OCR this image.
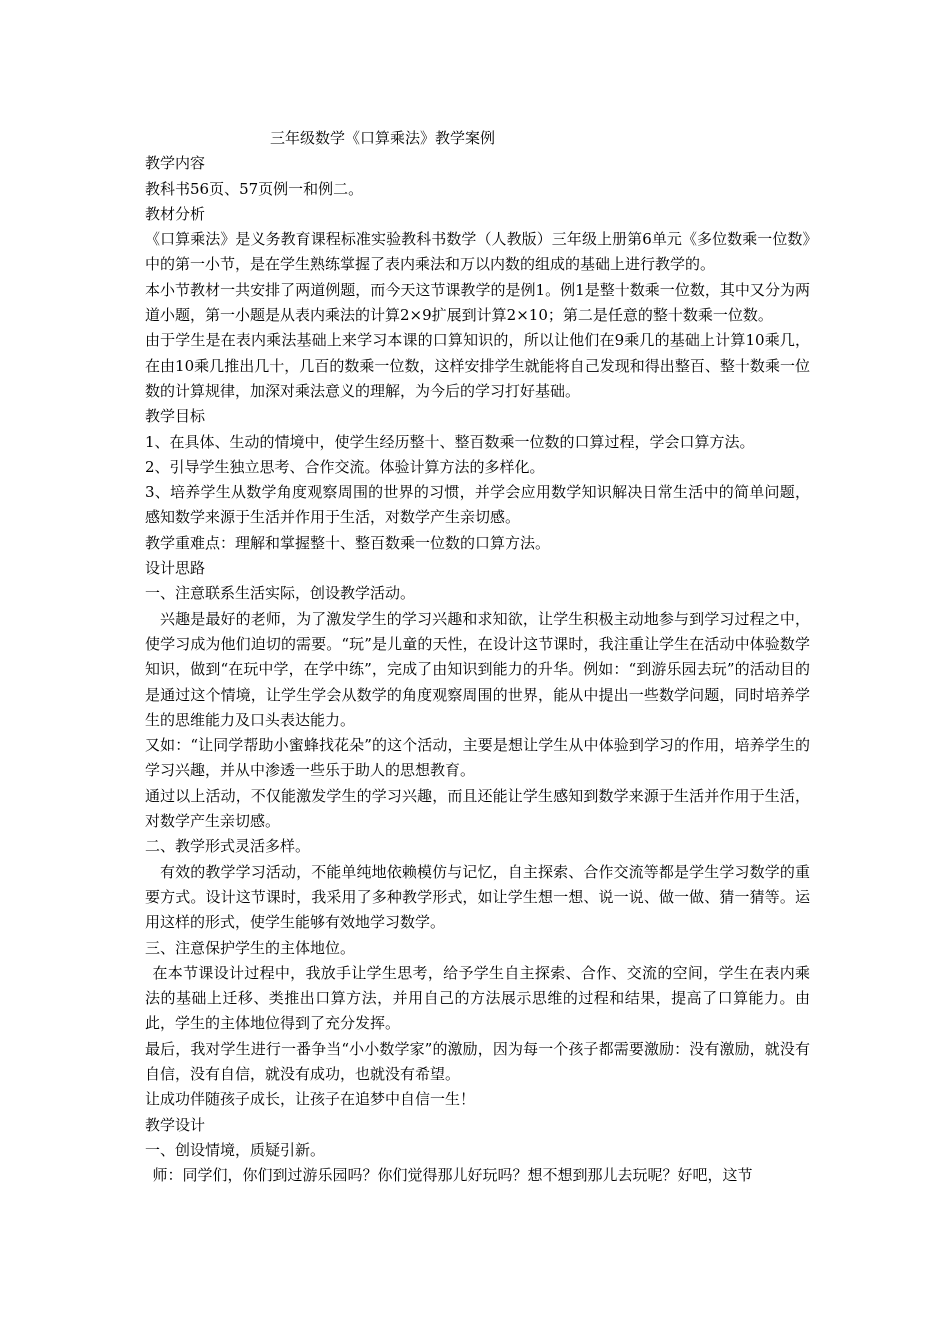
三年级数学《口算乘法》教学案例

教学内容

教科书56页、57页例一和例二。

教材分析

《口算乘法》是义务教育课程标准实验教科书数学（人教版）三年级上册第6单元《多位数乘一位数》中的第一小节，是在学生熟练掌握了表内乘法和万以内数的组成的基础上进行教学的。

本小节教材一共安排了两道例题，而今天这节课教学的是例1。例1是整十数乘一位数，其中又分为两道小题，第一小题是从表内乘法的计算2×9扩展到计算2×10；第二是任意的整十数乘一位数。

由于学生是在表内乘法基础上来学习本课的口算知识的，所以让他们在9乘几的基础上计算10乘几，在由10乘几推出几十，几百的数乘一位数，这样安排学生就能将自己发现和得出整百、整十数乘一位数的计算规律，加深对乘法意义的理解，为今后的学习打好基础。

教学目标

1、在具体、生动的情境中，使学生经历整十、整百数乘一位数的口算过程，学会口算方法。

2、引导学生独立思考、合作交流。体验计算方法的多样化。

3、培养学生从数学角度观察周围的世界的习惯，并学会应用数学知识解决日常生活中的简单问题，感知数学来源于生活并作用于生活，对数学产生亲切感。

教学重难点：理解和掌握整十、整百数乘一位数的口算方法。

设计思路

一、注意联系生活实际，创设教学活动。

兴趣是最好的老师，为了激发学生的学习兴趣和求知欲，让学生积极主动地参与到学习过程之中，使学习成为他们迫切的需要。“玩”是儿童的天性，在设计这节课时，我注重让学生在活动中体验数学知识，做到“在玩中学，在学中练”，完成了由知识到能力的升华。例如：“到游乐园去玩”的活动目的是通过这个情境，让学生学会从数学的角度观察周围的世界，能从中提出一些数学问题，同时培养学生的思维能力及口头表达能力。

又如：“让同学帮助小蜜蜂找花朵”的这个活动，主要是想让学生从中体验到学习的作用，培养学生的学习兴趣，并从中渗透一些乐于助人的思想教育。

通过以上活动，不仅能激发学生的学习兴趣，而且还能让学生感知到数学来源于生活并作用于生活，对数学产生亲切感。

二、教学形式灵活多样。

有效的教学学习活动，不能单纯地依赖模仿与记忆，自主探索、合作交流等都是学生学习数学的重要方式。设计这节课时，我采用了多种教学形式，如让学生想一想、说一说、做一做、猜一猜等。运用这样的形式，使学生能够有效地学习数学。

三、注意保护学生的主体地位。

在本节课设计过程中，我放手让学生思考，给予学生自主探索、合作、交流的空间，学生在表内乘法的基础上迁移、类推出口算方法，并用自己的方法展示思维的过程和结果，提高了口算能力。由此，学生的主体地位得到了充分发挥。

最后，我对学生进行一番争当“小小数学家”的激励，因为每一个孩子都需要激励：没有激励，就没有自信，没有自信，就没有成功，也就没有希望。

让成功伴随孩子成长，让孩子在追梦中自信一生！

教学设计

一、创设情境，质疑引新。

师：同学们，你们到过游乐园吗？你们觉得那儿好玩吗？想不想到那儿去玩呢？好吧，这节
